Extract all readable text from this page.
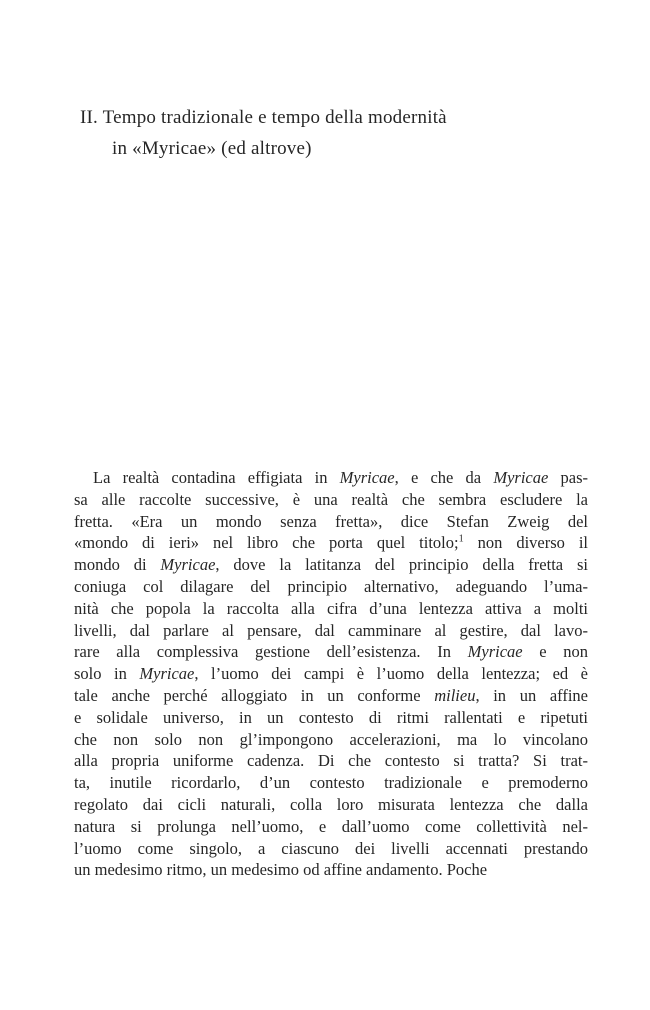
II. Tempo tradizionale e tempo della modernità
in «Myricae» (ed altrove)
La realtà contadina effigiata in Myricae, e che da Myricae pas-
sa alle raccolte successive, è una realtà che sembra escludere la
fretta. «Era un mondo senza fretta», dice Stefan Zweig del
«mondo di ieri» nel libro che porta quel titolo;$^1$ non diverso il
mondo di Myricae, dove la latitanza del principio della fretta si
coniuga col dilagare del principio alternativo, adeguando l’uma-
nità che popola la raccolta alla cifra d’una lentezza attiva a molti
livelli, dal parlare al pensare, dal camminare al gestire, dal lavo-
rare alla complessiva gestione dell’esistenza. In Myricae e non
solo in Myricae, l’uomo dei campi è l’uomo della lentezza; ed è
tale anche perché alloggiato in un conforme milieu, in un affine
e solidale universo, in un contesto di ritmi rallentati e ripetuti
che non solo non gl’impongono accelerazioni, ma lo vincolano
alla propria uniforme cadenza. Di che contesto si tratta? Si trat-
ta, inutile ricordarlo, d’un contesto tradizionale e premoderno
regolato dai cicli naturali, colla loro misurata lentezza che dalla
natura si prolunga nell’uomo, e dall’uomo come collettività nel-
l’uomo come singolo, a ciascuno dei livelli accennati prestando
un medesimo ritmo, un medesimo od affine andamento. Poche
